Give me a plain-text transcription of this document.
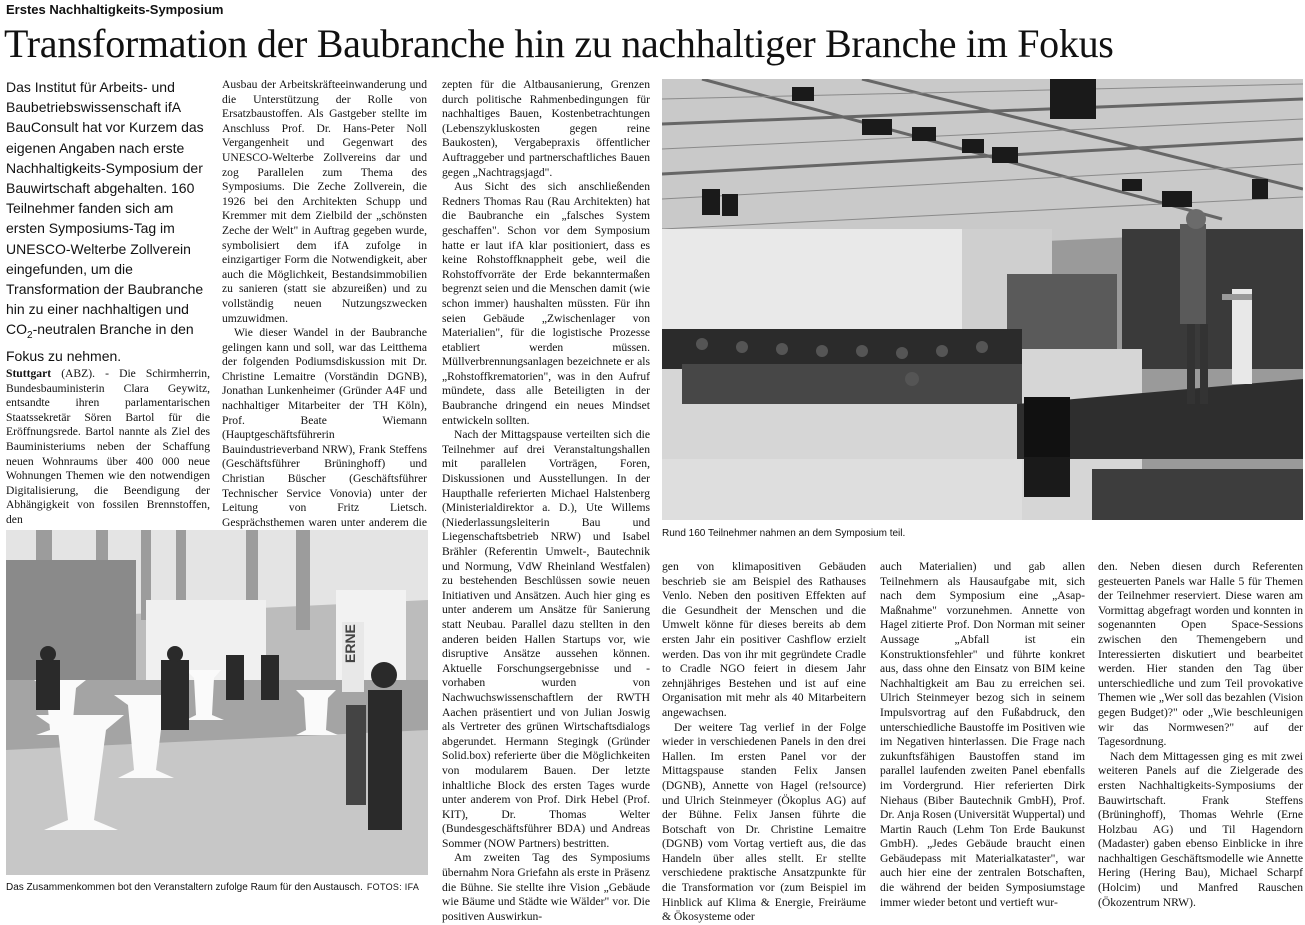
Erstes Nachhaltigkeits-Symposium
Transformation der Baubranche hin zu nachhaltiger Branche im Fokus

Das Institut für Arbeits- und Baubetriebswissenschaft ifA BauConsult hat vor Kurzem das eigenen Angaben nach erste Nachhaltigkeits-Symposium der Bauwirtschaft abgehalten. 160 Teilnehmer fanden sich am ersten Symposiums-Tag im UNESCO-Welterbe Zollverein eingefunden, um die Transformation der Baubranche hin zu einer nachhaltigen und $CO_2$-neutralen Branche in den Fokus zu nehmen.

Stuttgart (ABZ). - Die Schirmherrin, Bundesbauministerin Clara Geywitz, entsandte ihren parlamentarischen Staatssekretär Sören Bartol für die Eröffnungsrede. Bartol nannte als Ziel des Bauministeriums neben der Schaffung neuen Wohnraums über 400 000 neue Wohnungen Themen wie den notwendigen Digitalisierung, die Beendigung der Abhängigkeit von fossilen Brennstoffen, den

Ausbau der Arbeitskräfteeinwanderung und die Unterstützung der Rolle von Ersatzbaustoffen. Als Gastgeber stellte im Anschluss Prof. Dr. Hans-Peter Noll Vergangenheit und Gegenwart des UNESCO-Welterbe Zollvereins dar und zog Parallelen zum Thema des Symposiums. Die Zeche Zollverein, die 1926 bei den Architekten Schupp und Kremmer mit dem Zielbild der „schönsten Zeche der Welt" in Auftrag gegeben wurde, symbolisiert dem ifA zufolge in einzigartiger Form die Notwendigkeit, aber auch die Möglichkeit, Bestandsimmobilien zu sanieren (statt sie abzureißen) und zu vollständig neuen Nutzungszwecken umzuwidmen.

Wie dieser Wandel in der Baubranche gelingen kann und soll, war das Leitthema der folgenden Podiumsdiskussion mit Dr. Christine Lemaitre (Vorständin DGNB), Jonathan Lunkenheimer (Gründer A4F und nachhaltiger Mitarbeiter der TH Köln), Prof. Beate Wiemann (Hauptgeschäftsführerin Bauindustrieverband NRW), Frank Steffens (Geschäftsführer Brüninghoff) und Christian Büscher (Geschäftsführer Technischer Service Vonovia) unter der Leitung von Fritz Lietsch. Gesprächsthemen waren unter anderem die

zepten für die Altbausanierung, Grenzen durch politische Rahmenbedingungen für nachhaltiges Bauen, Kostenbetrachtungen (Lebenszykluskosten gegen reine Baukosten), Vergabepraxis öffentlicher Auftraggeber und partnerschaftliches Bauen gegen „Nachtragsjagd".

Aus Sicht des sich anschließenden Redners Thomas Rau (Rau Architekten) hat die Baubranche ein „falsches System geschaffen". Schon vor dem Symposium hatte er laut ifA klar positioniert, dass es keine Rohstoffknappheit gebe, weil die Rohstoffvorräte der Erde bekanntermaßen begrenzt seien und die Menschen damit (wie schon immer) haushalten müssten. Für ihn seien Gebäude „Zwischenlager von Materialien", für die logistische Prozesse etabliert werden müssen. Müllverbrennungsanlagen bezeichnete er als „Rohstoffkrematorien", was in den Aufruf mündete, dass alle Beteiligten in der Baubranche dringend ein neues Mindset entwickeln sollten.

Nach der Mittagspause verteilten sich die Teilnehmer auf drei Veranstaltungshallen mit parallelen Vorträgen, Foren, Diskussionen und Ausstellungen. In der Haupthalle referierten Michael Halstenberg (Ministerialdirektor a. D.), Ute Willems (Niederlassungsleiterin Bau und Liegenschaftsbetrieb NRW) und Isabel Brähler (Referentin Umwelt-, Bautechnik und Normung, VdW Rheinland Westfalen) zu bestehenden Beschlüssen sowie neuen Initiativen und Ansätzen. Auch hier ging es unter anderem um Ansätze für Sanierung statt Neubau. Parallel dazu stellten in den anderen beiden Hallen Startups vor, wie disruptive Ansätze aussehen können. Aktuelle Forschungsergebnisse und -vorhaben wurden von Nachwuchswissenschaftlern der RWTH Aachen präsentiert und von Julian Joswig als Vertreter des grünen Wirtschaftsdialogs abgerundet. Hermann Stegingk (Gründer Solid.box) referierte über die Möglichkeiten von modularem Bauen. Der letzte inhaltliche Block des ersten Tages wurde unter anderem von Prof. Dirk Hebel (Prof. KIT), Dr. Thomas Welter (Bundesgeschäftsführer BDA) und Andreas Sommer (NOW Partners) bestritten.

Am zweiten Tag des Symposiums übernahm Nora Griefahn als erste in Präsenz die Bühne. Sie stellte ihre Vision „Gebäude wie Bäume und Städte wie Wälder" vor. Die positiven Auswirkun-

gen von klimapositiven Gebäuden beschrieb sie am Beispiel des Rathauses Venlo. Neben den positiven Effekten auf die Gesundheit der Menschen und die Umwelt könne für dieses bereits ab dem ersten Jahr ein positiver Cashflow erzielt werden. Das von ihr mit gegründete Cradle to Cradle NGO feiert in diesem Jahr zehnjähriges Bestehen und ist auf eine Organisation mit mehr als 40 Mitarbeitern angewachsen.

Der weitere Tag verlief in der Folge wieder in verschiedenen Panels in den drei Hallen. Im ersten Panel vor der Mittagspause standen Felix Jansen (DGNB), Annette von Hagel (re!source) und Ulrich Steinmeyer (Ökoplus AG) auf der Bühne. Felix Jansen führte die Botschaft von Dr. Christine Lemaitre (DGNB) vom Vortag vertieft aus, die das Handeln über alles stellt. Er stellte verschiedene praktische Ansatzpunkte für die Transformation vor (zum Beispiel im Hinblick auf Klima & Energie, Freiräume & Ökosysteme oder

auch Materialien) und gab allen Teilnehmern als Hausaufgabe mit, sich nach dem Symposium eine „Asap-Maßnahme" vorzunehmen. Annette von Hagel zitierte Prof. Don Norman mit seiner Aussage „Abfall ist ein Konstruktionsfehler" und führte konkret aus, dass ohne den Einsatz von BIM keine Nachhaltigkeit am Bau zu erreichen sei. Ulrich Steinmeyer bezog sich in seinem Impulsvortrag auf den Fußabdruck, den unterschiedliche Baustoffe im Positiven wie im Negativen hinterlassen. Die Frage nach zukunftsfähigen Baustoffen stand im parallel laufenden zweiten Panel ebenfalls im Vordergrund. Hier referierten Dirk Niehaus (Biber Bautechnik GmbH), Prof. Dr. Anja Rosen (Universität Wuppertal) und Martin Rauch (Lehm Ton Erde Baukunst GmbH). „Jedes Gebäude braucht einen Gebäudepass mit Materialkataster", war auch hier eine der zentralen Botschaften, die während der beiden Symposiumstage immer wieder betont und vertieft wur-

den. Neben diesen durch Referenten gesteuerten Panels war Halle 5 für Themen der Teilnehmer reserviert. Diese waren am Vormittag abgefragt worden und konnten in sogenannten Open Space-Sessions zwischen den Themengebern und Interessierten diskutiert und bearbeitet werden. Hier standen den Tag über unterschiedliche und zum Teil provokative Themen wie „Wer soll das bezahlen (Vision gegen Budget)?" oder „Wie beschleunigen wir das Normwesen?" auf der Tagesordnung.

Nach dem Mittagessen ging es mit zwei weiteren Panels auf die Zielgerade des ersten Nachhaltigkeits-Symposiums der Bauwirtschaft. Frank Steffens (Brüninghoff), Thomas Wehrle (Erne Holzbau AG) und Til Hagendorn (Madaster) gaben ebenso Einblicke in ihre nachhaltigen Geschäftsmodelle wie Annette Hering (Hering Bau), Michael Scharpf (Holcim) und Manfred Rauschen (Ökozentrum NRW).

Rund 160 Teilnehmer nahmen an dem Symposium teil.
ERNE
Das Zusammenkommen bot den Veranstaltern zufolge Raum für den Austausch. FOTOS: IFA
